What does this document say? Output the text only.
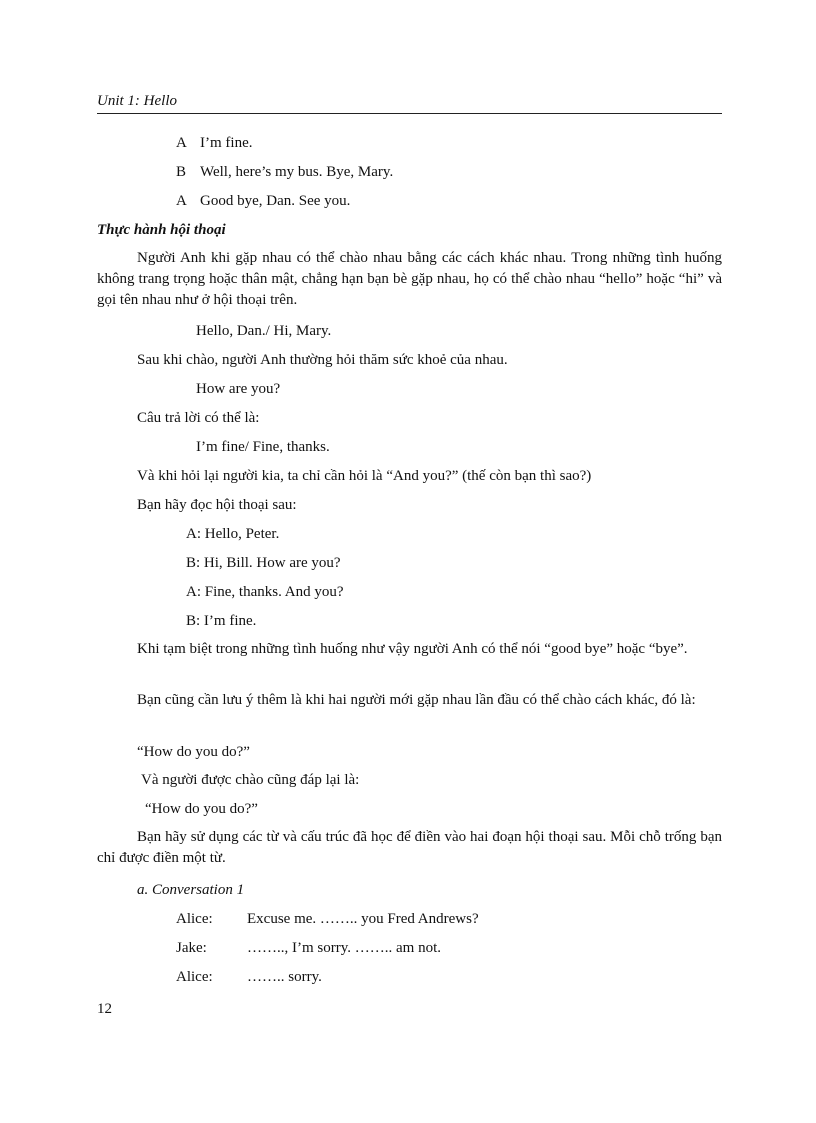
Unit 1: Hello
A I’m fine.
B Well, here’s my bus. Bye, Mary.
A Good bye, Dan. See you.
Thực hành hội thoại
Người Anh khi gặp nhau có thể chào nhau bằng các cách khác nhau. Trong những tình huống không trang trọng hoặc thân mật, chẳng hạn bạn bè gặp nhau, họ có thể chào nhau “hello” hoặc “hi” và gọi tên nhau như ở hội thoại trên.
Hello, Dan./ Hi, Mary.
Sau khi chào, người Anh thường hỏi thăm sức khoẻ của nhau.
How are you?
Câu trả lời có thể là:
I’m fine/ Fine, thanks.
Và khi hỏi lại người kia, ta chỉ cần hỏi là “And you?” (thế còn bạn thì sao?)
Bạn hãy đọc hội thoại sau:
A: Hello, Peter.
B: Hi, Bill. How are you?
A: Fine, thanks. And you?
B: I’m fine.
Khi tạm biệt trong những tình huống như vậy người Anh có thể nói “good bye” hoặc “bye”.
Bạn cũng cần lưu ý thêm là khi hai người mới gặp nhau lần đầu có thể chào cách khác, đó là:
“How do you do?”
Và người được chào cũng đáp lại là:
“How do you do?”
Bạn hãy sử dụng các từ và cấu trúc đã học để điền vào hai đoạn hội thoại sau. Mỗi chỗ trống bạn chỉ được điền một từ.
a. Conversation 1
Alice: Excuse me. …….. you Fred Andrews?
Jake:	…….., I’m sorry. …….. am not.
Alice: …….. sorry.
12
